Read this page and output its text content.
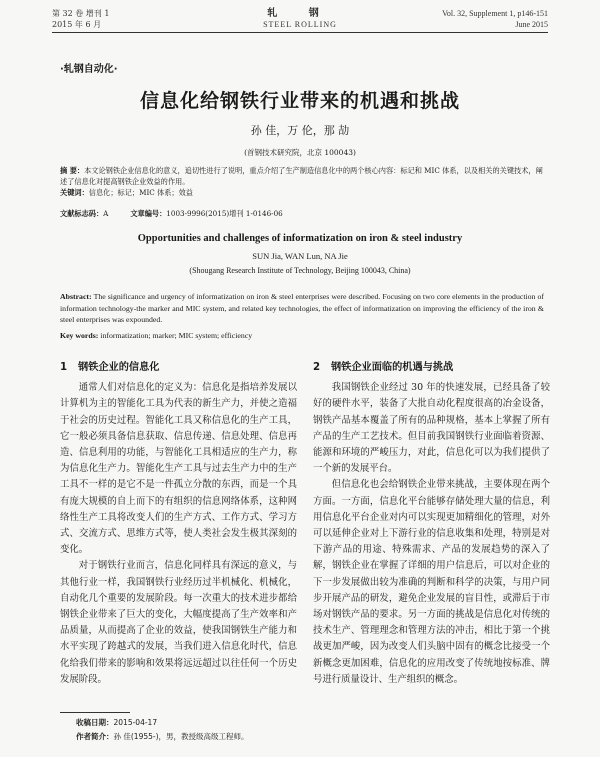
第 32 卷 增刊 1
2015 年 6 月
轧 钢
STEEL ROLLING
Vol. 32, Supplement 1, p146-151
June 2015
·轧钢自动化·
信息化给钢铁行业带来的机遇和挑战
孙 佳，万 伦，那 劼
(首钢技术研究院，北京 100043)
摘 要：本文论钢铁企业信息化的意义，追切性进行了说明，重点介绍了生产制造信息化中的两个核心内容：标记和 MIC 体系，以及相关的关键技术，阐述了信息化对提高钢铁企业效益的作用。
关键词：信息化；标记；MIC 体系；效益
文献标志码：A	文章编号：1003-9996(2015)增刊 1-0146-06
Opportunities and challenges of informatization on iron & steel industry
SUN Jia, WAN Lun, NA Jie
(Shougang Research Institute of Technology, Beijing 100043, China)
Abstract: The significance and urgency of informatization on iron & steel enterprises were described. Focusing on two core elements in the production of information technology-the marker and MIC system, and related key technologies, the effect of informatization on improving the efficiency of the iron & steel enterprises was expounded.
Key words: informatization; marker; MIC system; efficiency
1 钢铁企业的信息化

通常人们对信息化的定义为：信息化是指培养发展以计算机为主的智能化工具为代表的新生产力，并使之造福于社会的历史过程。智能化工具又称信息化的生产工具，它一般必须具备信息获取、信息传递、信息处理、信息再造、信息利用的功能，与智能化工具相适应的生产力，称为信息化生产力。智能化生产工具与过去生产力中的生产工具不一样的是它不是一件孤立分散的东西，而是一个具有庞大规模的自上而下的有组织的信息网络体系，这种网络性生产工具将改变人们的生产方式、工作方式、学习方式、交流方式、思维方式等，使人类社会发生极其深刻的变化。

对于钢铁行业而言，信息化同样具有深远的意义，与其他行业一样，我国钢铁行业经历过半机械化、机械化，自动化几个重要的发展阶段。每一次重大的技术进步都给钢铁企业带来了巨大的变化，大幅度提高了生产效率和产品质量，从而提高了企业的效益，使我国钢铁生产能力和水平实现了跨越式的发展，当我们进入信息化时代，信息化给我们带来的影响和效果将远远超过以往任何一个历史发展阶段。

2 钢铁企业面临的机遇与挑战

我国钢铁企业经过 30 年的快速发展，已经具备了较好的硬件水平，装备了大批自动化程度很高的冶金设备，钢铁产品基本覆盖了所有的品种规格，基本上掌握了所有产品的生产工艺技术。但目前我国钢铁行业面临着资源、能源和环境的严峻压力，对此，信息化可以为我们提供了一个新的发展平台。

但信息化也会给钢铁企业带来挑战，主要体现在两个方面。一方面，信息化平台能够存储处理大量的信息，利用信息化平台企业对内可以实现更加精细化的管理，对外可以延伸企业对上下游行业的信息收集和处理，特别是对下游产品的用途、特殊需求、产品的发展趋势的深入了解，钢铁企业在掌握了详细的用户信息后，可以对企业的下一步发展做出较为准确的判断和科学的决策，与用户同步开展产品的研发，避免企业发展的盲目性，或滞后于市场对钢铁产品的要求。另一方面的挑战是信息化对传统的技术生产、管理理念和管理方法的冲击，相比于第一个挑战更加严峻，因为改变人们头脑中固有的概念比接受一个新概念更加困难，信息化的应用改变了传统地按标准、牌号进行质量设计、生产组织的概念。

收稿日期：2015-04-17
作者简介：孙 佳(1955-)，男，教授级高级工程师。
